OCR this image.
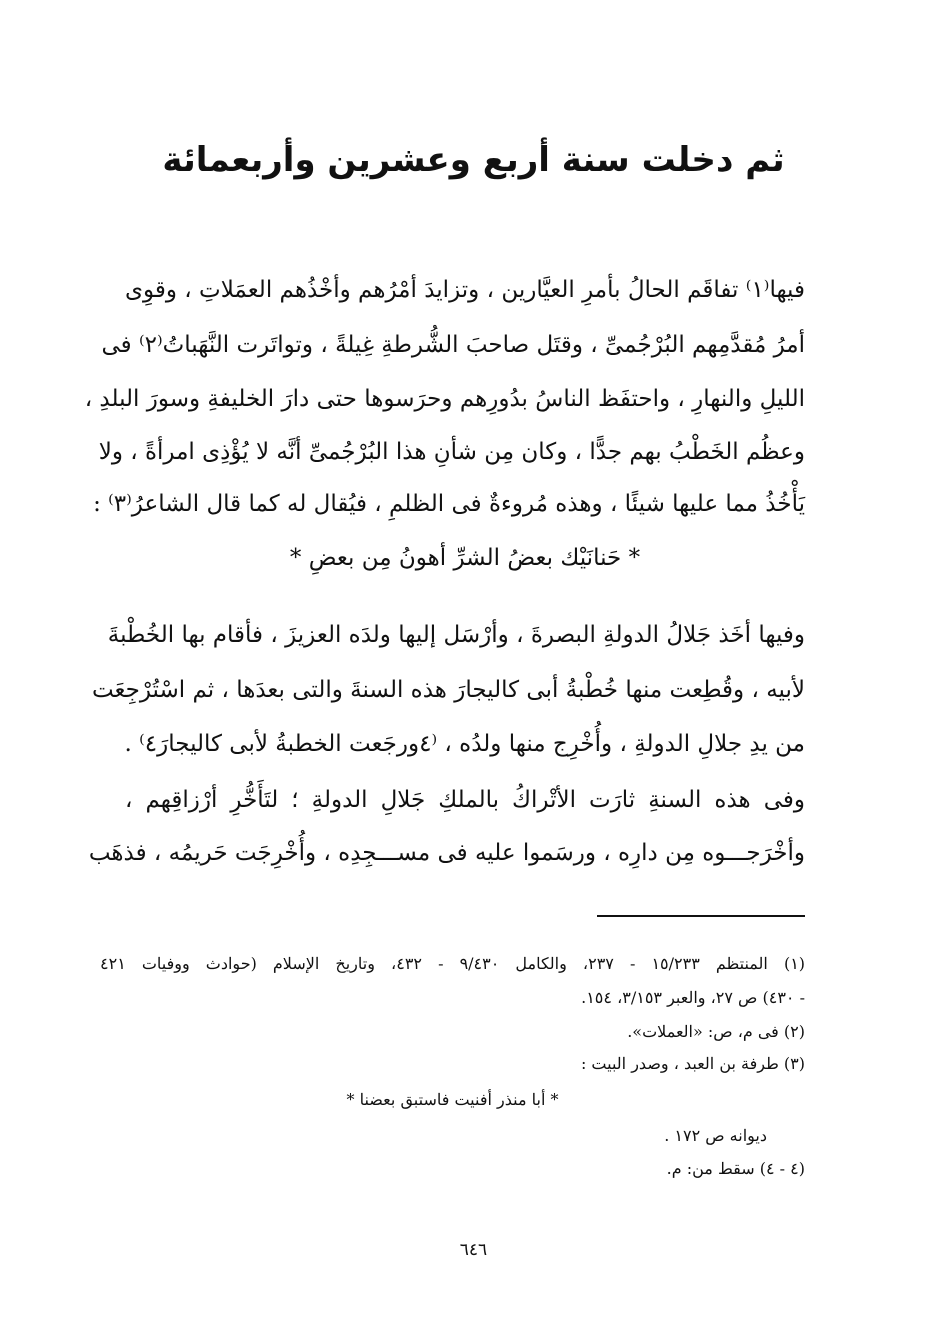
ثم دخلت سنة أربع وعشرين وأربعمائة
فيها⁽١⁾ تفاقَم الحالُ بأمرِ العيَّارين ، وتزايدَ أمْرُهم وأخْذُهم العمَلاتِ ، وقوِى
أمرُ مُقدَّمِهم البُرْجُمىِّ ، وقتَل صاحبَ الشُّرطةِ غِيلةً ، وتواتَرت النَّهَباتُ⁽٢⁾ فى
الليلِ والنهارِ ، واحتفَظ الناسُ بدُورِهم وحرَسوها حتى دارَ الخليفةِ وسورَ البلدِ ،
وعظُم الخَطْبُ بهم جدًّا ، وكان مِن شأنِ هذا البُرْجُمىِّ أنَّه لا يُؤْذِى امرأةً ، ولا
يَأْخُذُ مما عليها شيئًا ، وهذه مُروءةٌ فى الظلمِ ، فيُقال له كما قال الشاعرُ⁽٣⁾ :
* حَنانَيْك بعضُ الشرِّ أهونُ مِن بعضِ *
وفيها أخَذ جَلالُ الدولةِ البصرةَ ، وأرْسَل إليها ولدَه العزيزَ ، فأقام بها الخُطْبةَ
لأبيه ، وقُطِعت منها خُطْبةُ أبى كاليجارَ هذه السنةَ والتى بعدَها ، ثم اسْتُرْجِعَت
من يدِ جلالِ الدولةِ ، وأُخْرِج منها ولدُه ، ⁽٤ورجَعت الخطبةُ لأبى كاليجارَ٤⁾ .
وفى هذه السنةِ ثارَت الأتْراكُ بالملكِ جَلالِ الدولةِ ؛ لتَأَخُّرِ أرْزاقِهم ،
وأخْرَجـــوه مِن دارِه ، ورسَموا عليه فى مســـجِدِه ، وأُخْرِجَت حَريمُه ، فذهَب
(١) المنتظم ١٥/٢٣٣ - ٢٣٧، والكامل ٩/٤٣٠ - ٤٣٢، وتاريخ الإسلام (حوادث ووفيات ٤٢١
- ٤٣٠) ص ٢٧، والعبر ٣/١٥٣، ١٥٤.
(٢) فى م، ص: «العملات».
(٣) طرفة بن العبد ، وصدر البيت :
* أبا منذر أفنيت فاستبق بعضنا *
ديوانه ص ١٧٢ .
(٤ - ٤) سقط من: م.
٦٤٦
